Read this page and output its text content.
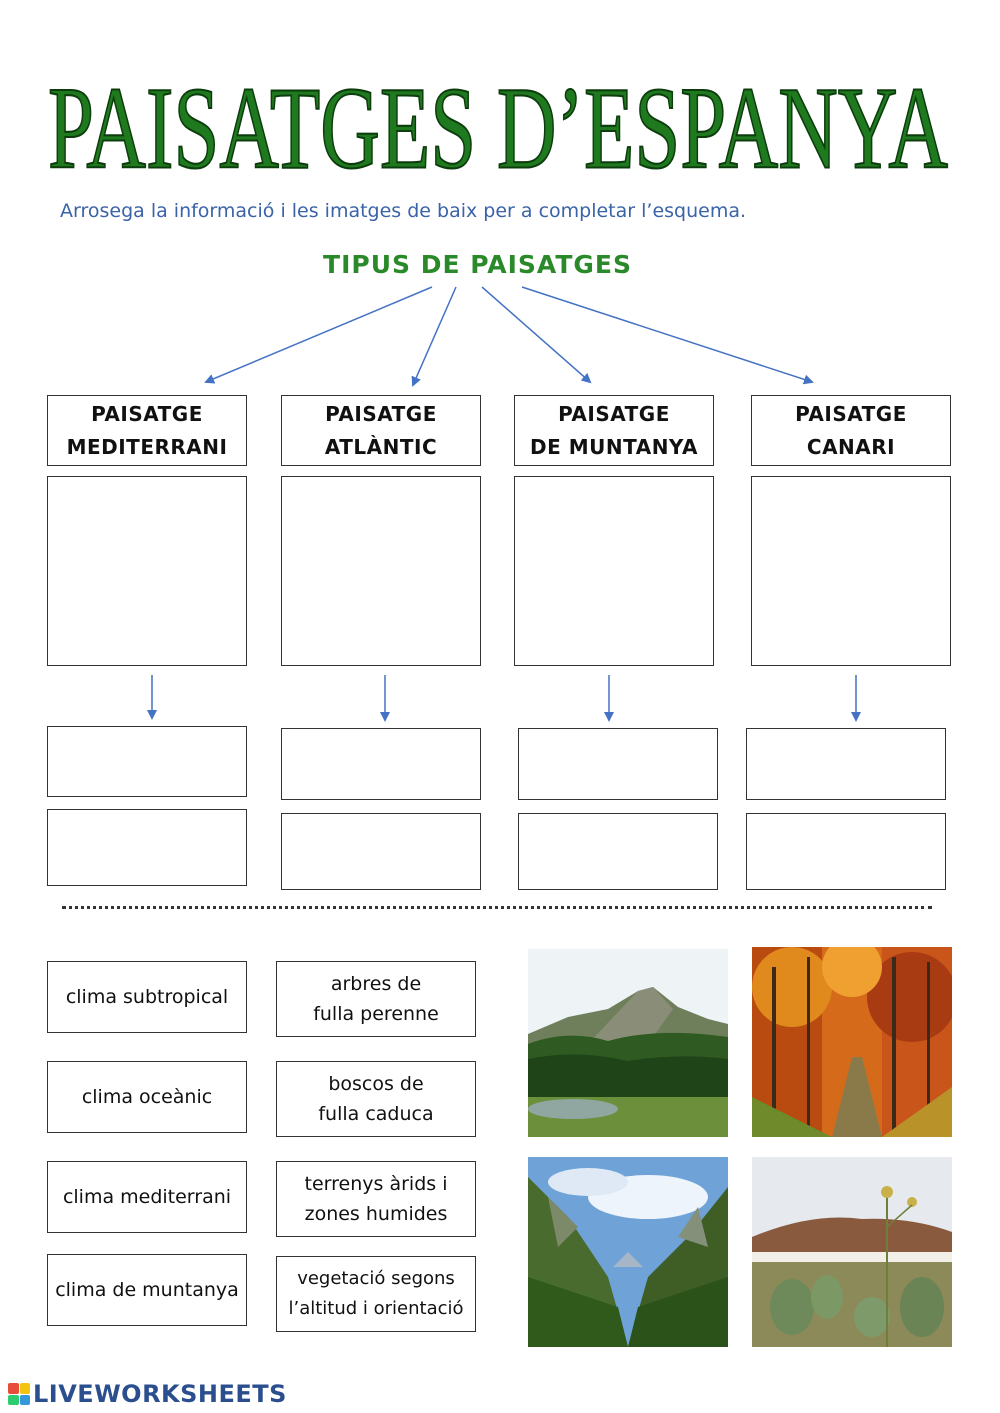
PAISATGES D’ESPANYA
Arrosega la informació i les imatges de baix per a completar l’esquema.
TIPUS DE PAISATGES
PAISATGE
MEDITERRANI
PAISATGE
ATLÀNTIC
PAISATGE
DE MUNTANYA
PAISATGE
CANARI
clima subtropical
clima oceànic
clima mediterrani
clima de muntanya
arbres de
fulla perenne
boscos de
fulla caduca
terrenys àrids i
zones humides
vegetació segons
l’altitud i orientació
LIVEWORKSHEETS
